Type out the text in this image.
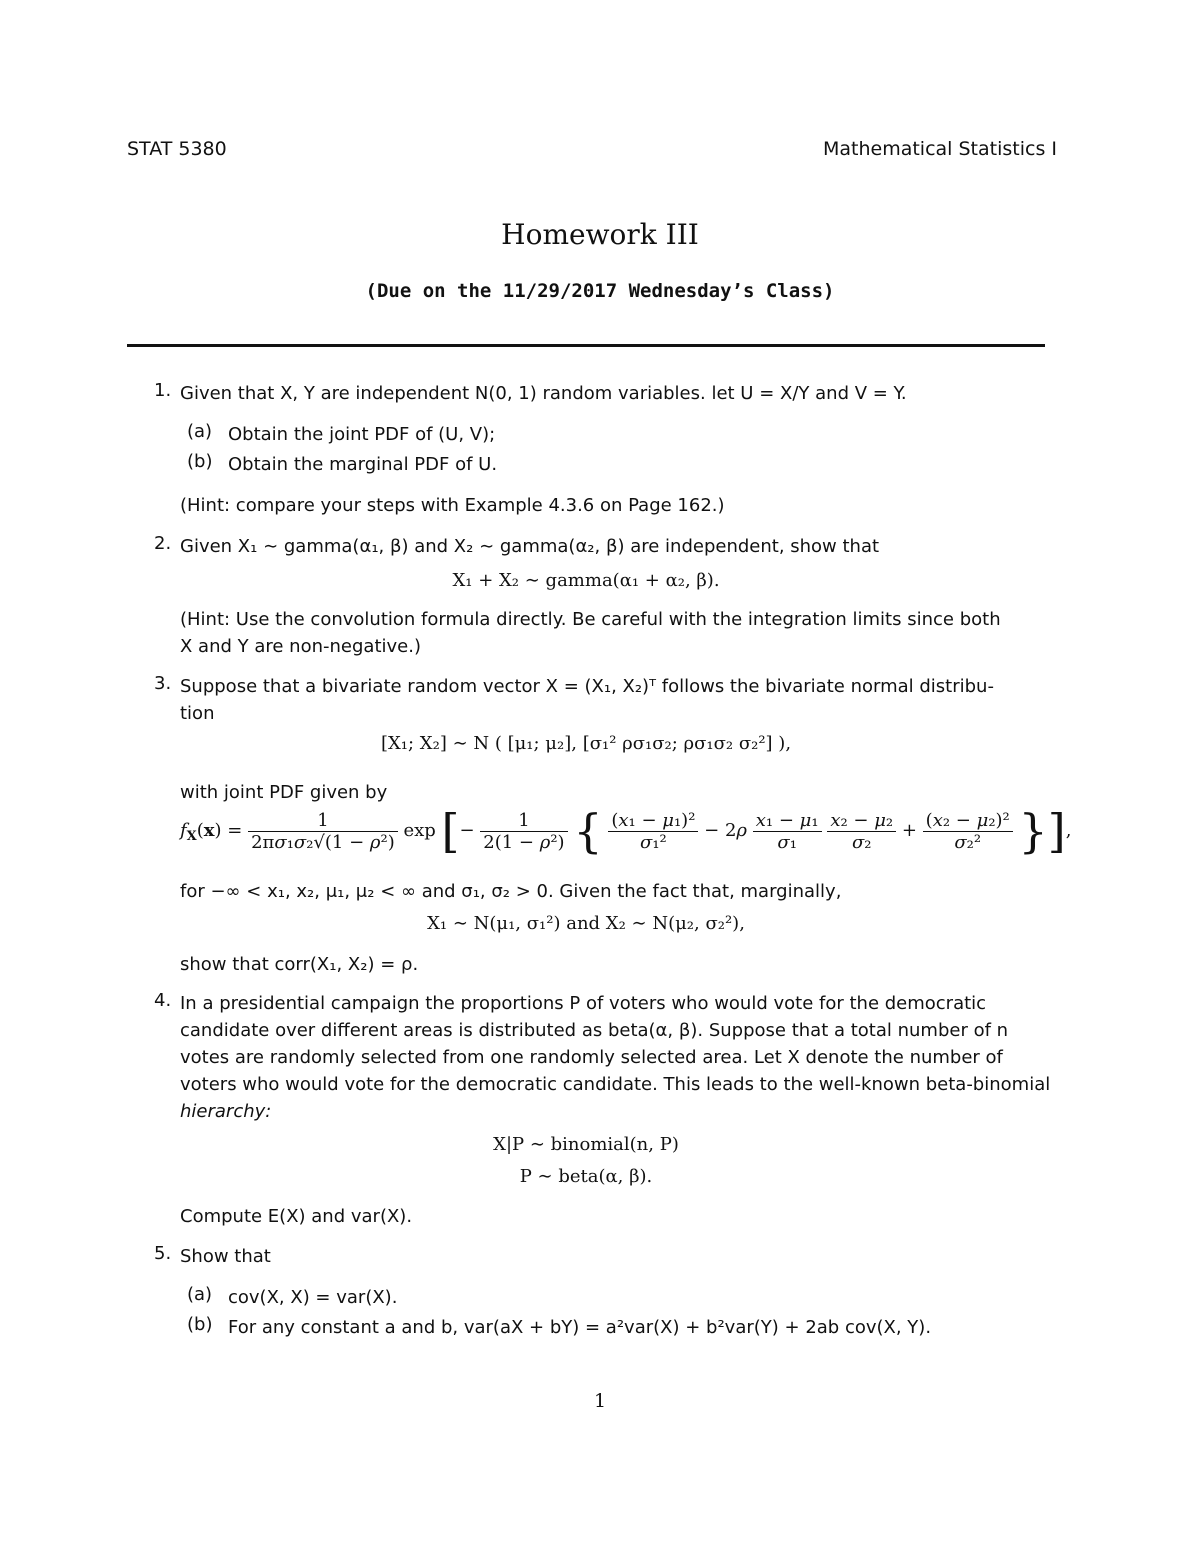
STAT 5380	Mathematical Statistics I
Homework III
(Due on the 11/29/2017 Wednesday’s Class)
1. Given that X, Y are independent N(0, 1) random variables. let U = X/Y and V = Y.
(a) Obtain the joint PDF of (U, V);
(b) Obtain the marginal PDF of U.
(Hint: compare your steps with Example 4.3.6 on Page 162.)
2. Given X₁ ∼ gamma(α₁, β) and X₂ ∼ gamma(α₂, β) are independent, show that
X₁ + X₂ ∼ gamma(α₁ + α₂, β).
(Hint: Use the convolution formula directly. Be careful with the integration limits since both
X and Y are non-negative.)
3. Suppose that a bivariate random vector X = (X₁, X₂)ᵀ follows the bivariate normal distribu-
tion
[X₁; X₂] ∼ N ( [μ₁; μ₂], [σ₁² ρσ₁σ₂; ρσ₁σ₂ σ₂²] ),
with joint PDF given by
$f_X(x) = \frac{1}{\text{2πσ₁σ₂√(1 − ρ²)}}$ exp [− $\frac{1}{\text{2(1 − ρ²)}}$ { $\frac{\text{(x₁ − μ₁)²}}{\text{σ₁²}} - 2\rho \frac{\text{x₁ − μ₁}}{\text{σ₁}}$
$\frac{\text{x₂ − μ₂}}{\text{σ₂}} + \frac{\text{(x₂ − μ₂)²}}{\text{σ₂²}}$ }],
for −∞ < x₁, x₂, μ₁, μ₂ < ∞ and σ₁, σ₂ > 0. Given the fact that, marginally,
X₁ ∼ N(μ₁, σ₁²) and X₂ ∼ N(μ₂, σ₂²),
show that corr(X₁, X₂) = ρ.
4. In a presidential campaign the proportions P of voters who would vote for the democratic
candidate over different areas is distributed as beta(α, β). Suppose that a total number of n
votes are randomly selected from one randomly selected area. Let X denote the number of
voters who would vote for the democratic candidate. This leads to the well-known beta-binomial
hierarchy:
X|P ∼ binomial(n, P)
P ∼ beta(α, β).
Compute E(X) and var(X).
5. Show that
(a) cov(X, X) = var(X).
(b) For any constant a and b, var(aX + bY) = a²var(X) + b²var(Y) + 2ab cov(X, Y).
1
